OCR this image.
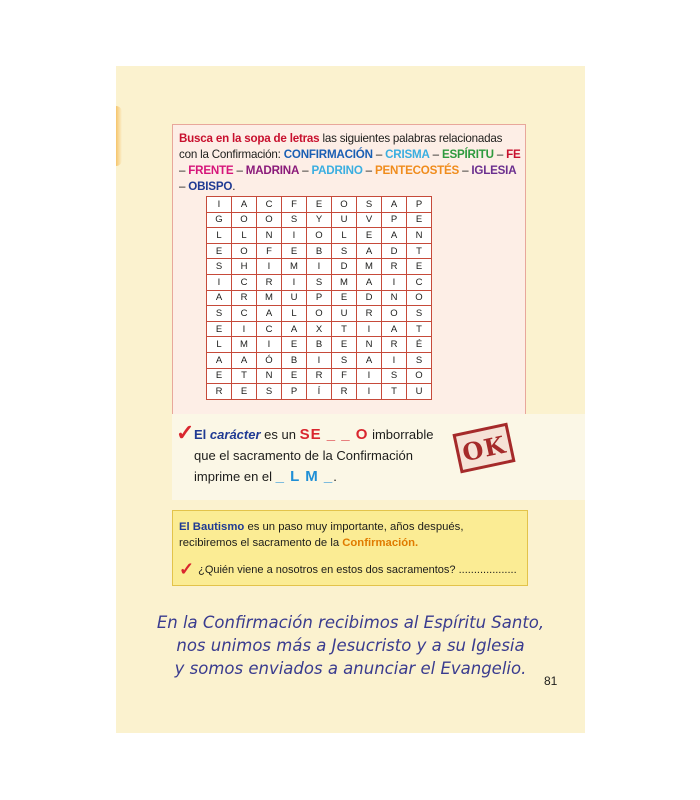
Busca en la sopa de letras las siguientes palabras relacionadas con la Confirmación: CONFIRMACIÓN – CRISMA – ESPÍRITU – FE – FRENTE – MADRINA – PADRINO – PENTECOSTÉS – IGLESIA – OBISPO.
I	A	C	F	E	O	S	A	P
G	O	O	S	Y	U	V	P	E
L	L	N	I	O	L	E	A	N
E	O	F	E	B	S	A	D	T
S	H	I	M	I	D	M	R	E
I	C	R	I	S	M	A	I	C
A	R	M	U	P	E	D	N	O
S	C	A	L	O	U	R	O	S
E	I	C	A	X	T	I	A	T
L	M	I	E	B	E	N	R	É
A	A	Ó	B	I	S	A	I	S
E	T	N	E	R	F	I	S	O
R	E	S	P	Í	R	I	T	U
✓ El carácter es un SE _ _ O imborrable
que el sacramento de la Confirmación
imprime en el _ L M _.
OK
El Bautismo es un paso muy importante, años después, recibiremos el sacramento de la Confirmación.
✓ ¿Quién viene a nosotros en estos dos sacramentos? ...................
En la Confirmación recibimos al Espíritu Santo,
nos unimos más a Jesucristo y a su Iglesia
y somos enviados a anunciar el Evangelio.
81
